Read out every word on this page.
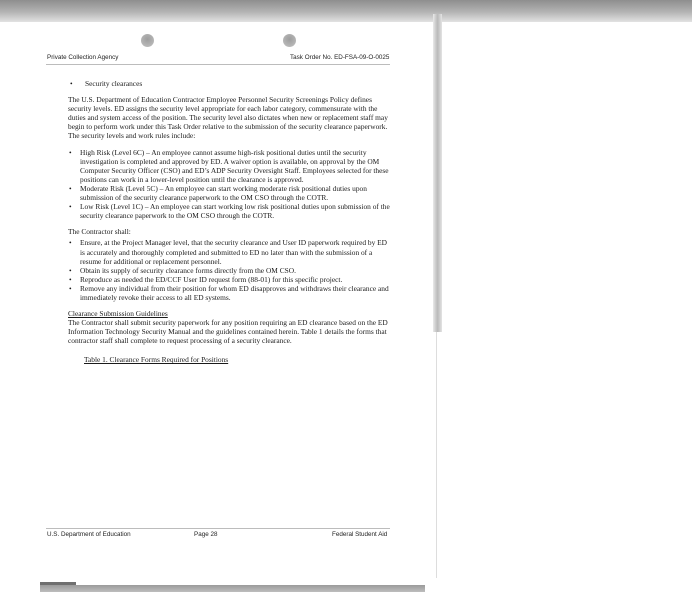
Private Collection Agency	Task Order No. ED-FSA-09-O-0025
• Security clearances

The U.S. Department of Education Contractor Employee Personnel Security Screenings Policy defines security levels. ED assigns the security level appropriate for each labor category, commensurate with the duties and system access of the position. The security level also dictates when new or replacement staff may begin to perform work under this Task Order relative to the submission of the security clearance paperwork. The security levels and work rules include:

• High Risk (Level 6C) – An employee cannot assume high-risk positional duties until the security investigation is completed and approved by ED. A waiver option is available, on approval by the OM Computer Security Officer (CSO) and ED’s ADP Security Oversight Staff. Employees selected for these positions can work in a lower-level position until the clearance is approved.
• Moderate Risk (Level 5C) – An employee can start working moderate risk positional duties upon submission of the security clearance paperwork to the OM CSO through the COTR.
• Low Risk (Level 1C) – An employee can start working low risk positional duties upon submission of the security clearance paperwork to the OM CSO through the COTR.

The Contractor shall:

• Ensure, at the Project Manager level, that the security clearance and User ID paperwork required by ED is accurately and thoroughly completed and submitted to ED no later than with the submission of a resume for additional or replacement personnel.
• Obtain its supply of security clearance forms directly from the OM CSO.
• Reproduce as needed the ED/CCF User ID request form (88-01) for this specific project.
• Remove any individual from their position for whom ED disapproves and withdraws their clearance and immediately revoke their access to all ED systems.
Clearance Submission Guidelines

The Contractor shall submit security paperwork for any position requiring an ED clearance based on the ED Information Technology Security Manual and the guidelines contained herein. Table 1 details the forms that contractor staff shall complete to request processing of a security clearance.

Table 1. Clearance Forms Required for Positions
U.S. Department of Education	Page 28	Federal Student Aid
